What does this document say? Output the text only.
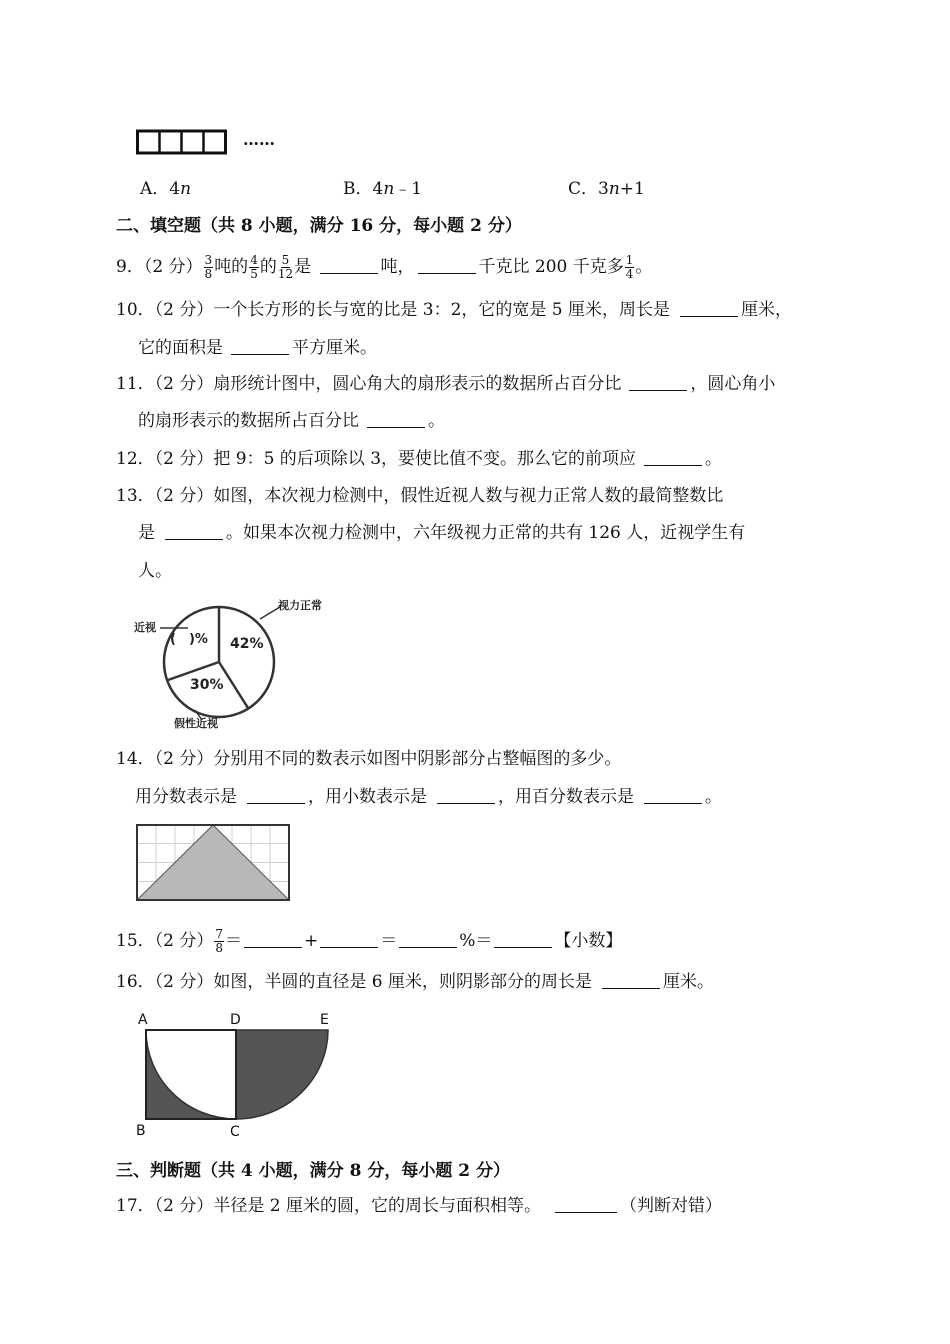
……
A．4n	B．4n﹣1	C．3n+1
二、填空题（共 8 小题，满分 16 分，每小题 2 分）
9．（2 分） $\frac{3}{8}$ 吨的 $\frac{4}{5}$ 的 $\frac{5}{12}$ 是	吨，	千克比 200 千克多 $\frac{1}{4}$ 。
10．（2 分）一个长方形的长与宽的比是 3：2，它的宽是 5 厘米，周长是	厘米，
它的面积是	平方厘米。
11．（2 分）扇形统计图中，圆心角大的扇形表示的数据所占百分比	，圆心角小
的扇形表示的数据所占百分比	。
12．（2 分）把 9：5 的后项除以 3，要使比值不变。那么它的前项应	。
13．（2 分）如图，本次视力检测中，假性近视人数与视力正常人数的最简整数比
是	。如果本次视力检测中，六年级视力正常的共有 126 人，近视学生有
人。
近视
视力正常
假性近视
(　)% 42%
30%
14．（2 分）分别用不同的数表示如图中阴影部分占整幅图的多少。
用分数表示是	，用小数表示是	，用百分数表示是	。
15．（2 分） $\frac{7}{8}$ ＝	+	＝	%＝	【小数】
16．（2 分）如图，半圆的直径是 6 厘米，则阴影部分的周长是	厘米。
A	D	E
B	C
三、判断题（共 4 小题，满分 8 分，每小题 2 分）
17．（2 分）半径是 2 厘米的圆，它的周长与面积相等。	（判断对错）
